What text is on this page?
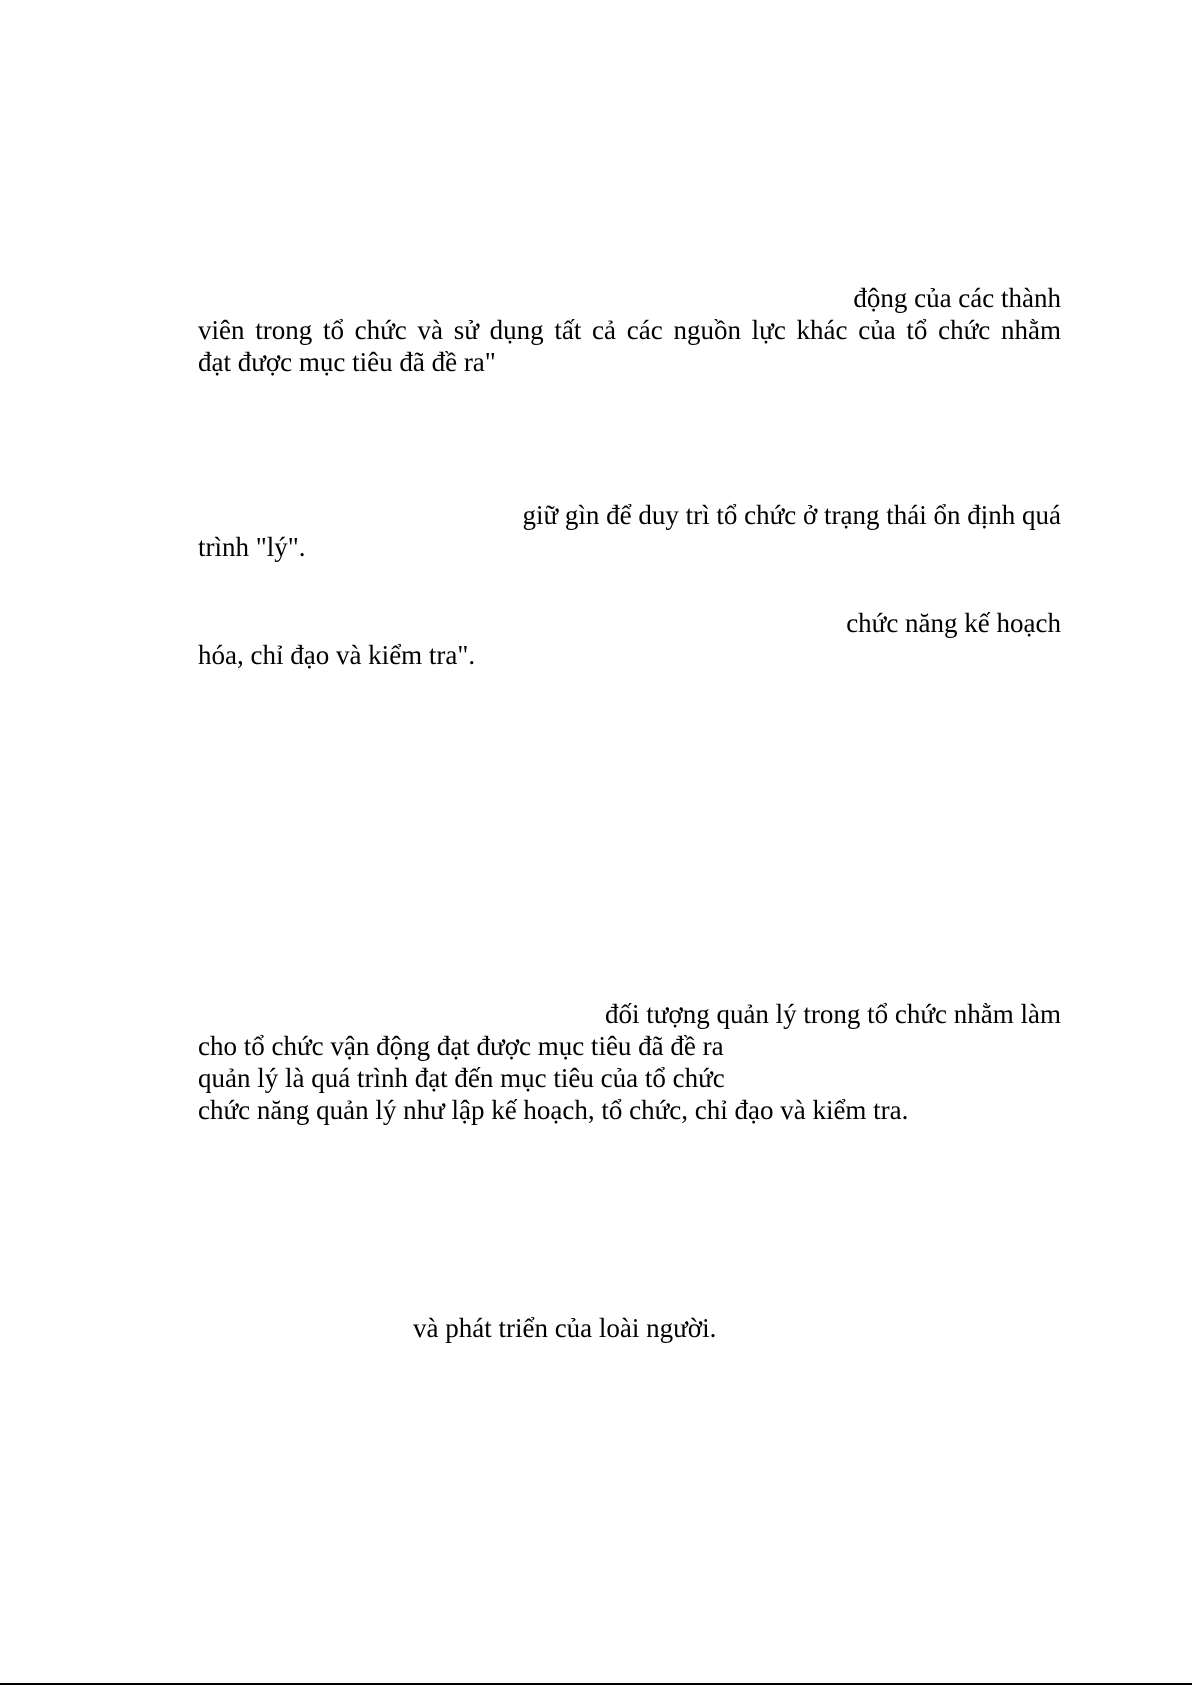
động của các thành
viên trong tổ chức và sử dụng tất cả các nguồn lực khác của tổ chức nhằm
đạt được mục tiêu đã đề ra"
giữ gìn để duy trì tổ chức ở trạng thái ổn định quá
trình "lý".
chức năng kế hoạch
hóa, chỉ đạo và kiểm tra".
đối tượng quản lý trong tổ chức nhằm làm
cho tổ chức vận động đạt được mục tiêu đã đề ra
quản lý là quá trình đạt đến mục tiêu của tổ chức
chức năng quản lý như lập kế hoạch, tổ chức, chỉ đạo và kiểm tra.
và phát triển của loài người.
